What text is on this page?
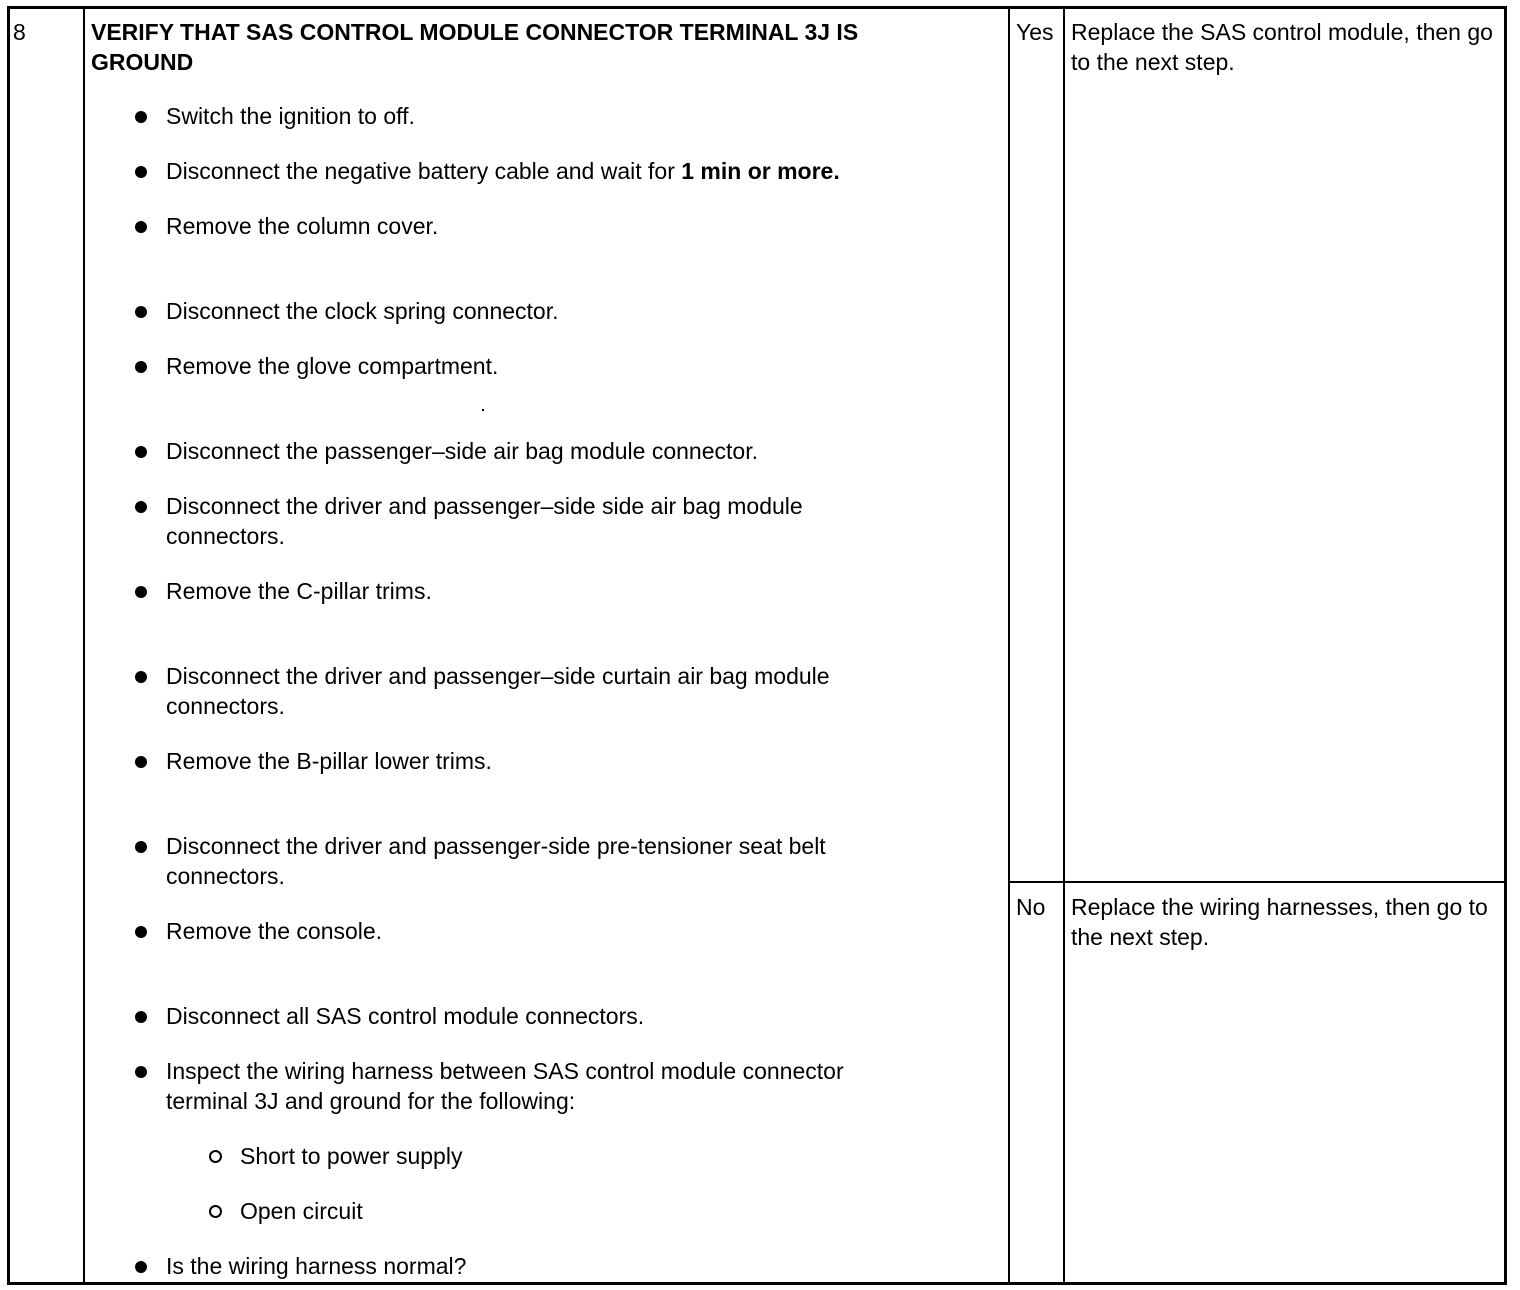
8	VERIFY THAT SAS CONTROL MODULE CONNECTOR TERMINAL 3J IS GROUND
Switch the ignition to off.
Disconnect the negative battery cable and wait for 1 min or more.
Remove the column cover.
Disconnect the clock spring connector.
Remove the glove compartment.
Disconnect the passenger–side air bag module connector.
Disconnect the driver and passenger–side side air bag module
connectors.
Remove the C-pillar trims.
Disconnect the driver and passenger–side curtain air bag module
connectors.
Remove the B-pillar lower trims.
Disconnect the driver and passenger-side pre-tensioner seat belt
connectors.
Remove the console.
Disconnect all SAS control module connectors.
Inspect the wiring harness between SAS control module connector
terminal 3J and ground for the following:
Short to power supply
Open circuit
Is the wiring harness normal?
Yes Replace the SAS control module, then go to the next step.
No Replace the wiring harnesses, then go to the next step.
